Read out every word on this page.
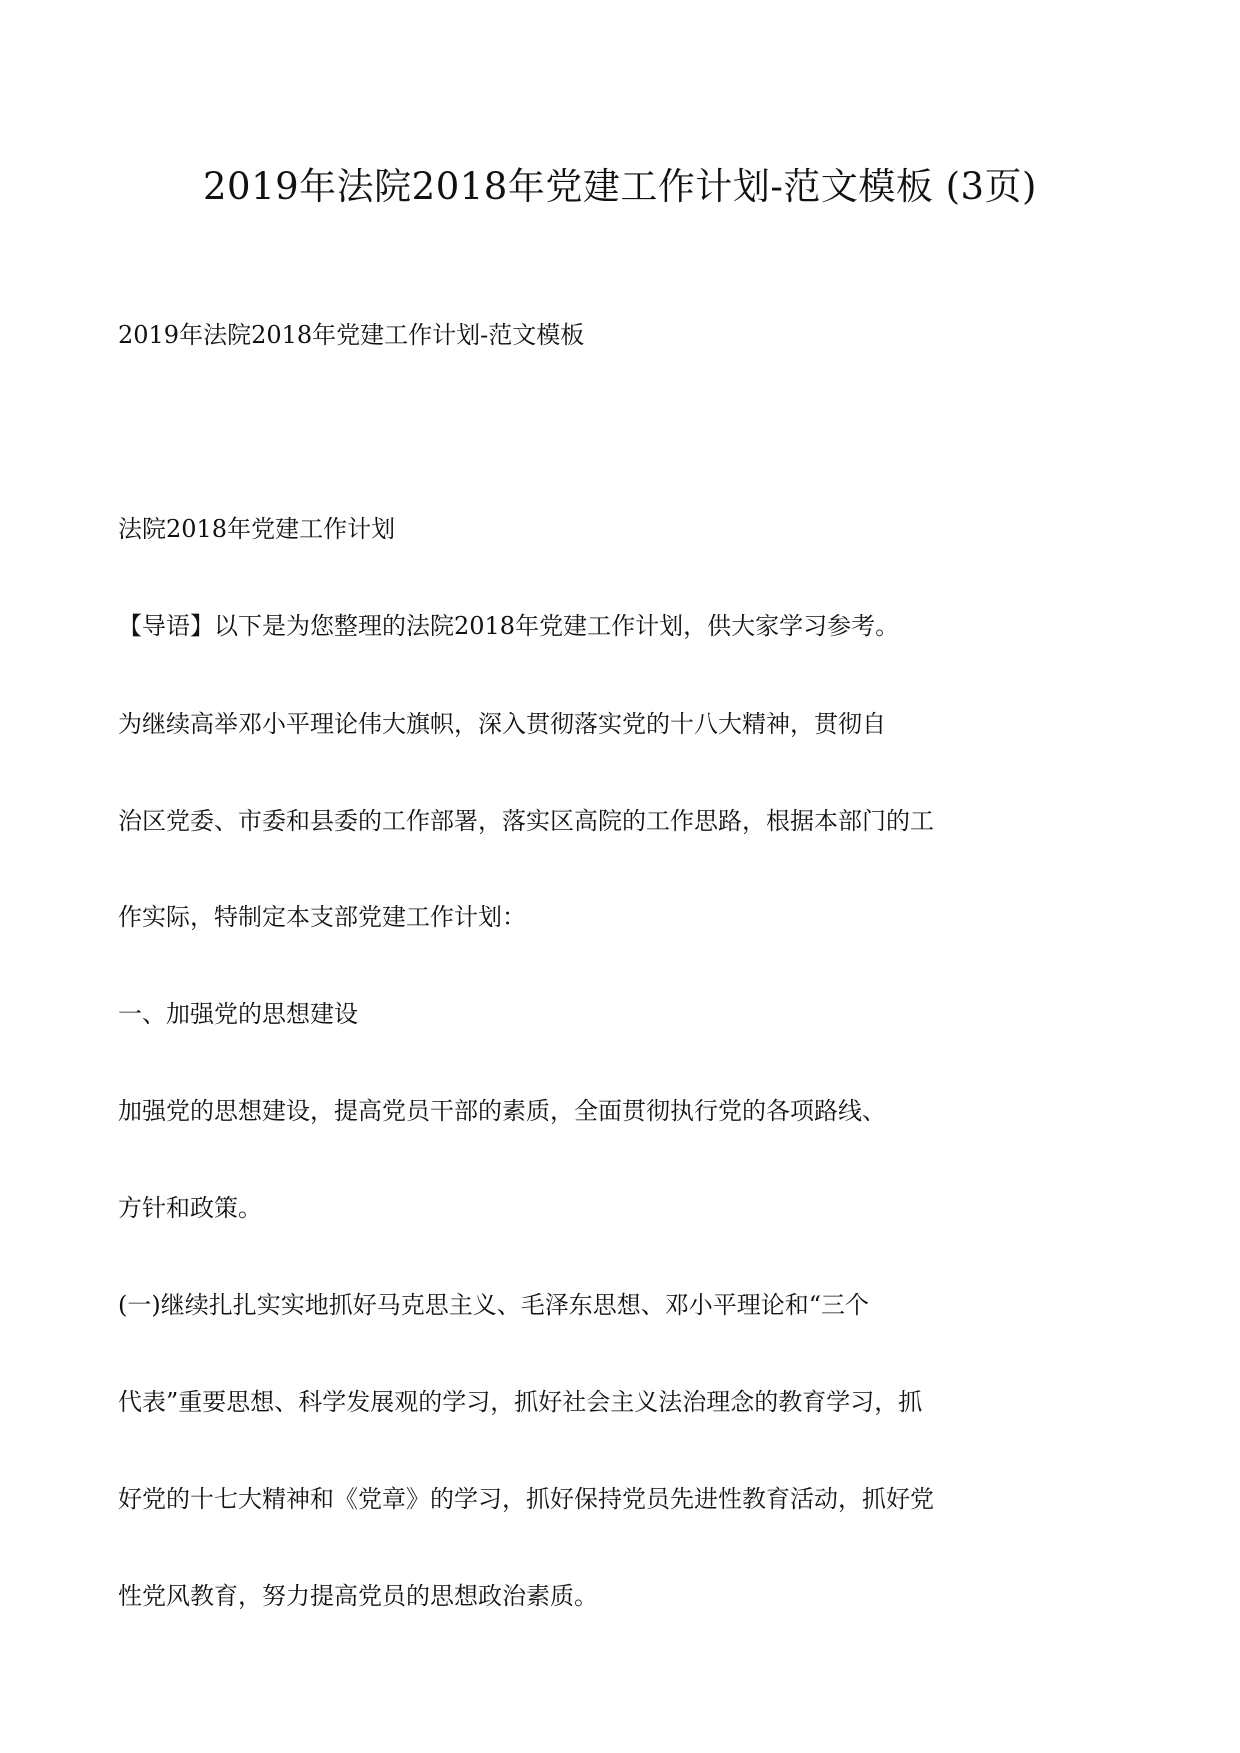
2019年法院2018年党建工作计划-范文模板 (3页)
2019年法院2018年党建工作计划-范文模板
法院2018年党建工作计划
【导语】以下是为您整理的法院2018年党建工作计划，供大家学习参考。
为继续高举邓小平理论伟大旗帜，深入贯彻落实党的十八大精神，贯彻自
治区党委、市委和县委的工作部署，落实区高院的工作思路，根据本部门的工
作实际，特制定本支部党建工作计划：
一、加强党的思想建设
加强党的思想建设，提高党员干部的素质，全面贯彻执行党的各项路线、
方针和政策。
(一)继续扎扎实实地抓好马克思主义、毛泽东思想、邓小平理论和“三个
代表”重要思想、科学发展观的学习，抓好社会主义法治理念的教育学习，抓
好党的十七大精神和《党章》的学习，抓好保持党员先进性教育活动，抓好党
性党风教育，努力提高党员的思想政治素质。
